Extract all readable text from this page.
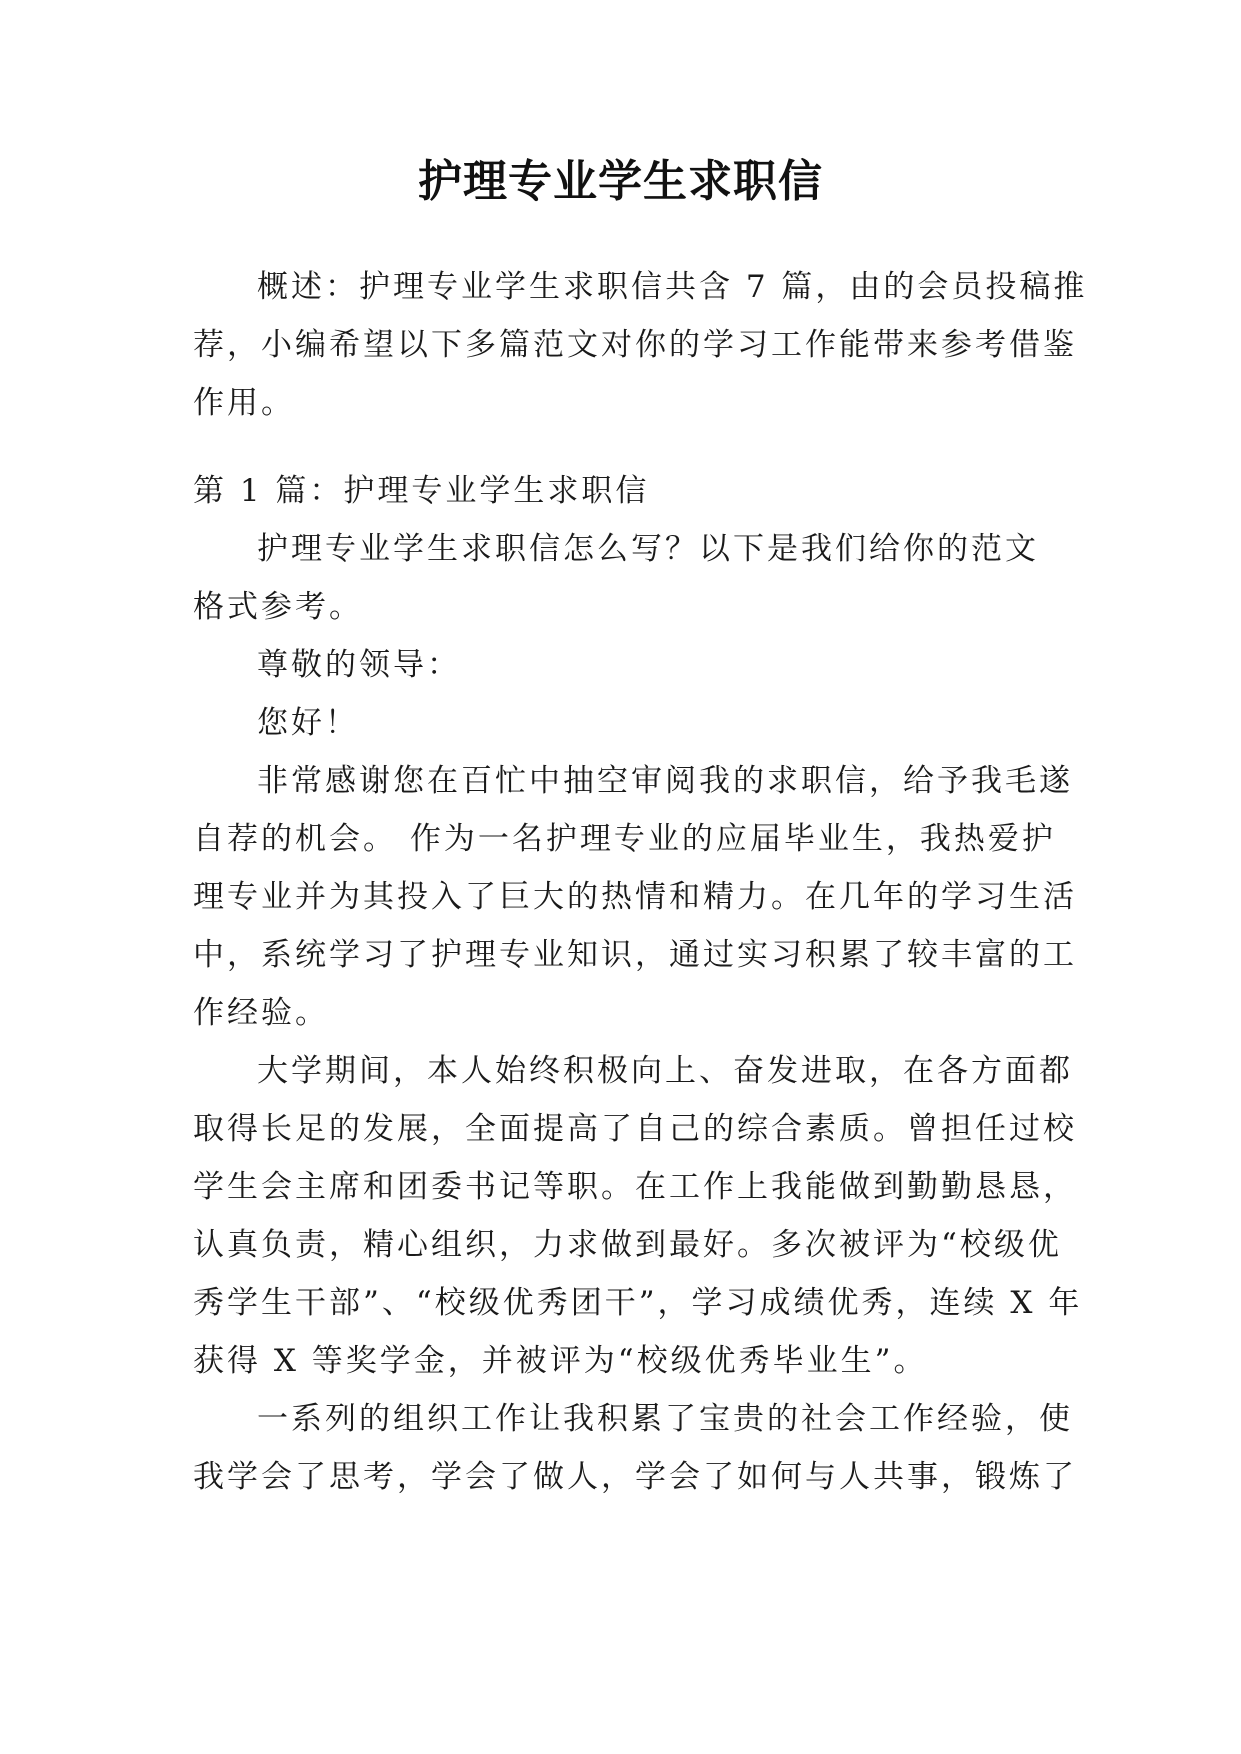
护理专业学生求职信
概述：护理专业学生求职信共含 7 篇，由的会员投稿推
荐，小编希望以下多篇范文对你的学习工作能带来参考借鉴
作用。
第 1 篇：护理专业学生求职信
护理专业学生求职信怎么写？以下是我们给你的范文
格式参考。
尊敬的领导：
您好！
非常感谢您在百忙中抽空审阅我的求职信，给予我毛遂
自荐的机会。 作为一名护理专业的应届毕业生，我热爱护
理专业并为其投入了巨大的热情和精力。在几年的学习生活
中，系统学习了护理专业知识，通过实习积累了较丰富的工
作经验。
大学期间，本人始终积极向上、奋发进取，在各方面都
取得长足的发展，全面提高了自己的综合素质。曾担任过校
学生会主席和团委书记等职。在工作上我能做到勤勤恳恳，
认真负责，精心组织，力求做到最好。多次被评为“校级优
秀学生干部”、“校级优秀团干”，学习成绩优秀，连续 X 年
获得 X 等奖学金，并被评为“校级优秀毕业生”。
一系列的组织工作让我积累了宝贵的社会工作经验，使
我学会了思考，学会了做人，学会了如何与人共事，锻炼了
